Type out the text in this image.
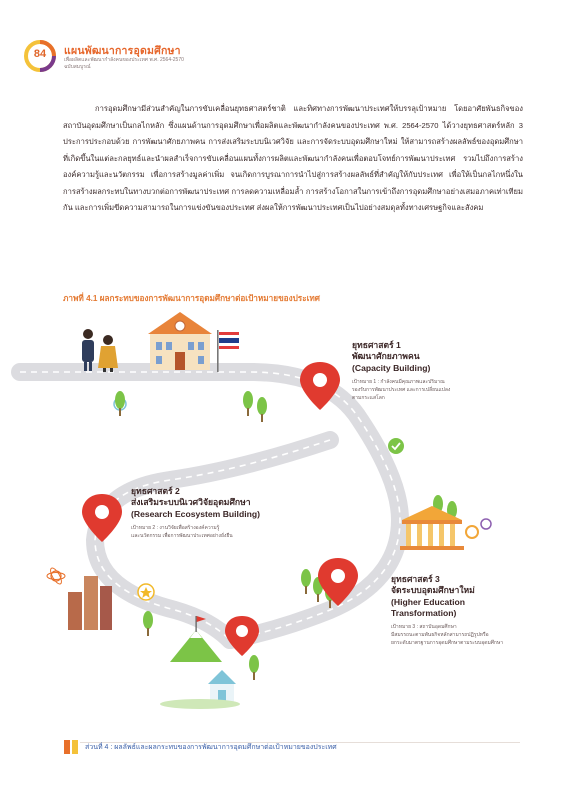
84	แผนพัฒนาการอุดมศึกษา
เพื่อผลิตและพัฒนากำลังคนของประเทศ พ.ศ. 2564-2570
ฉบับสมบูรณ์

การอุดมศึกษามีส่วนสำคัญในการขับเคลื่อนยุทธศาสตร์ชาติ และทิศทางการพัฒนาประเทศให้บรรลุเป้าหมาย โดยอาศัยพันธกิจของสถาบันอุดมศึกษาเป็นกลไกหลัก ซึ่งแผนด้านการอุดมศึกษาเพื่อผลิตและพัฒนากำลังคนของประเทศ พ.ศ. 2564-2570 ได้วางยุทธศาสตร์หลัก 3 ประการประกอบด้วย การพัฒนาศักยภาพคน การส่งเสริมระบบนิเวศวิจัย และการจัดระบบอุดมศึกษาใหม่ ให้สามารถสร้างผลลัพธ์ของอุดมศึกษาที่เกิดขึ้นในแต่ละกลยุทธ์และนำผลสำเร็จการขับเคลื่อนแผนทั้งการผลิตและพัฒนากำลังคนเพื่อตอบโจทย์การพัฒนาประเทศ รวมไปถึงการสร้างองค์ความรู้และนวัตกรรม เพื่อการสร้างมูลค่าเพิ่ม จนเกิดการบูรณาการนำไปสู่การสร้างผลลัพธ์ที่สำคัญให้กับประเทศ เพื่อให้เป็นกลไกหนึ่งในการสร้างผลกระทบในทางบวกต่อการพัฒนาประเทศ การลดความเหลื่อมล้ำ การสร้างโอกาสในการเข้าถึงการอุดมศึกษาอย่างเสมอภาคเท่าเทียมกัน และการเพิ่มขีดความสามารถในการแข่งขันของประเทศ ส่งผลให้การพัฒนาประเทศเป็นไปอย่างสมดุลทั้งทางเศรษฐกิจและสังคม

ภาพที่ 4.1 ผลกระทบของการพัฒนาการอุดมศึกษาต่อเป้าหมายของประเทศ
ยุทธศาสตร์ 1
พัฒนาศักยภาพคน
(Capacity Building)
เป้าหมาย 1 : กำลังคนมีคุณภาพและปริมาณ
รองรับการพัฒนาประเทศ และการเปลี่ยนแปลง
ตามกระแสโลก
ยุทธศาสตร์ 2
ส่งเสริมระบบนิเวศวิจัยอุดมศึกษา
(Research Ecosystem Building)
เป้าหมาย 2 : งานวิจัยเพื่อสร้างองค์ความรู้
และนวัตกรรม เพื่อการพัฒนาประเทศอย่างยั่งยืน
ยุทธศาสตร์ 3
จัดระบบอุดมศึกษาใหม่
(Higher Education
Transformation)
เป้าหมาย 3 : สถาบันอุดมศึกษา
มีสมรรถนะตามพันธกิจหลักสามารถปฏิรูปหรือ
ยกระดับมาตรฐานการอุดมศึกษาตามระบบอุดมศึกษา
ส่วนที่ 4 : ผลลัพธ์และผลกระทบของการพัฒนาการอุดมศึกษาต่อเป้าหมายของประเทศ
